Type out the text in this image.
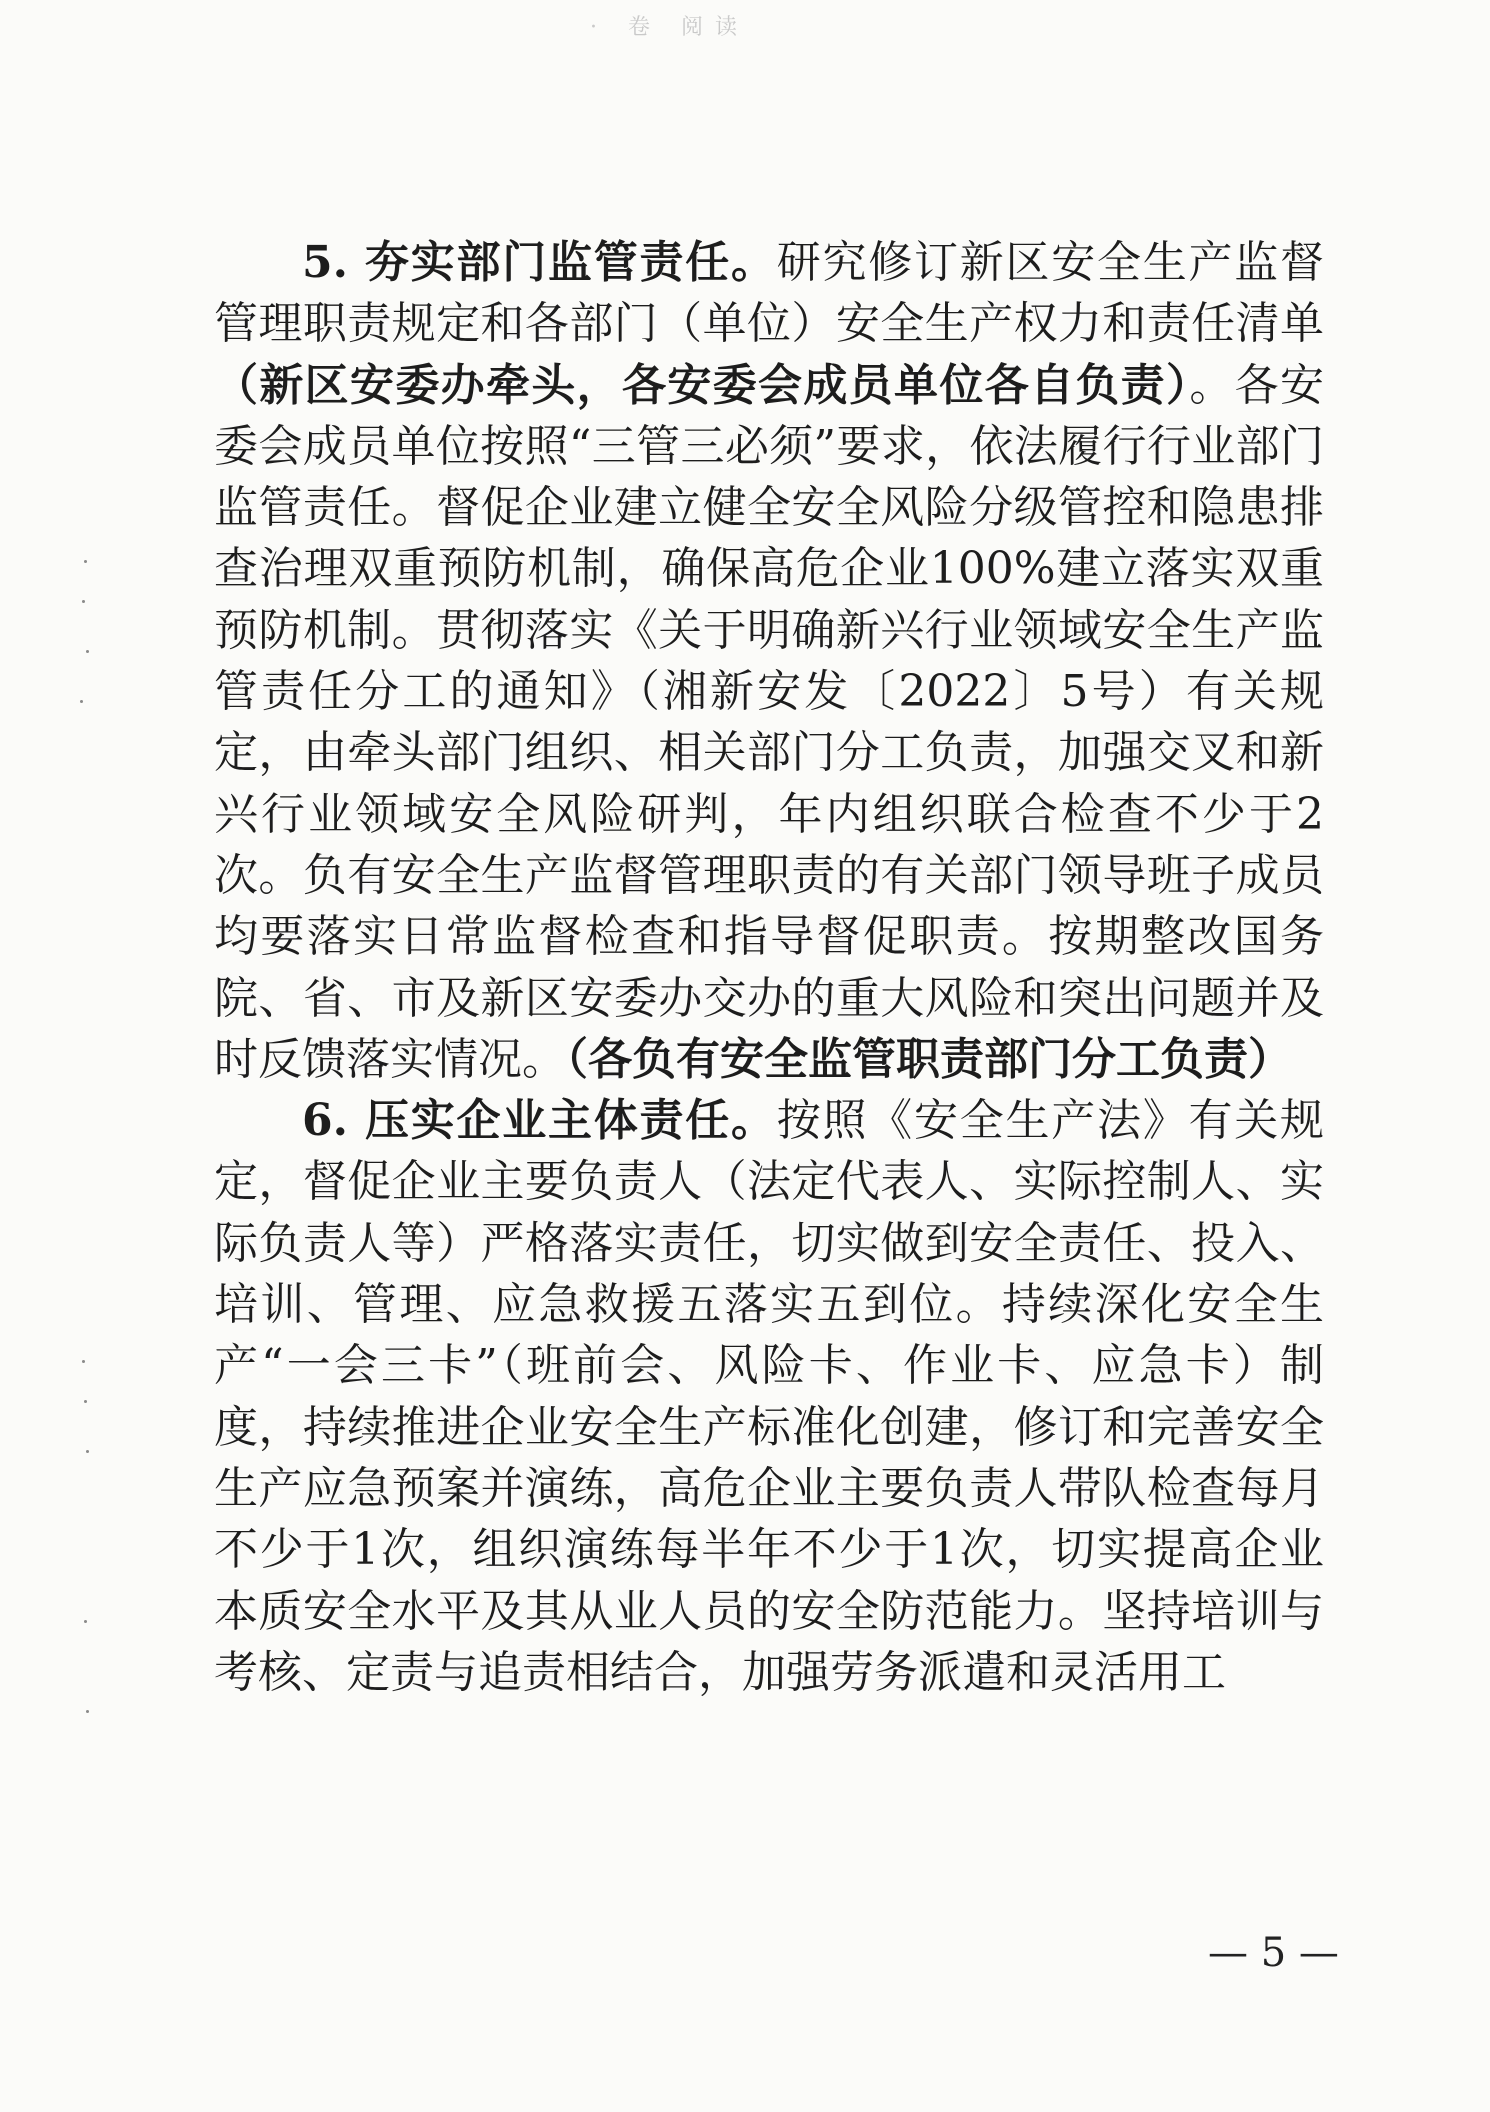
· 卷 阅读

5. 夯实部门监管责任。研究修订新区安全生产监督管理职责规定和各部门（单位）安全生产权力和责任清单（新区安委办牵头，各安委会成员单位各自负责）。各安委会成员单位按照“三管三必须”要求，依法履行行业部门监管责任。督促企业建立健全安全风险分级管控和隐患排查治理双重预防机制，确保高危企业100%建立落实双重预防机制。贯彻落实《关于明确新兴行业领域安全生产监管责任分工的通知》（湘新安发〔2022〕5号）有关规定，由牵头部门组织、相关部门分工负责，加强交叉和新兴行业领域安全风险研判，年内组织联合检查不少于2次。负有安全生产监督管理职责的有关部门领导班子成员均要落实日常监督检查和指导督促职责。按期整改国务院、省、市及新区安委办交办的重大风险和突出问题并及时反馈落实情况。（各负有安全监管职责部门分工负责）

6. 压实企业主体责任。按照《安全生产法》有关规定，督促企业主要负责人（法定代表人、实际控制人、实际负责人等）严格落实责任，切实做到安全责任、投入、培训、管理、应急救援五落实五到位。持续深化安全生产“一会三卡”（班前会、风险卡、作业卡、应急卡）制度，持续推进企业安全生产标准化创建，修订和完善安全生产应急预案并演练，高危企业主要负责人带队检查每月不少于1次，组织演练每半年不少于1次，切实提高企业本质安全水平及其从业人员的安全防范能力。坚持培训与考核、定责与追责相结合，加强劳务派遣和灵活用工

— 5 —
